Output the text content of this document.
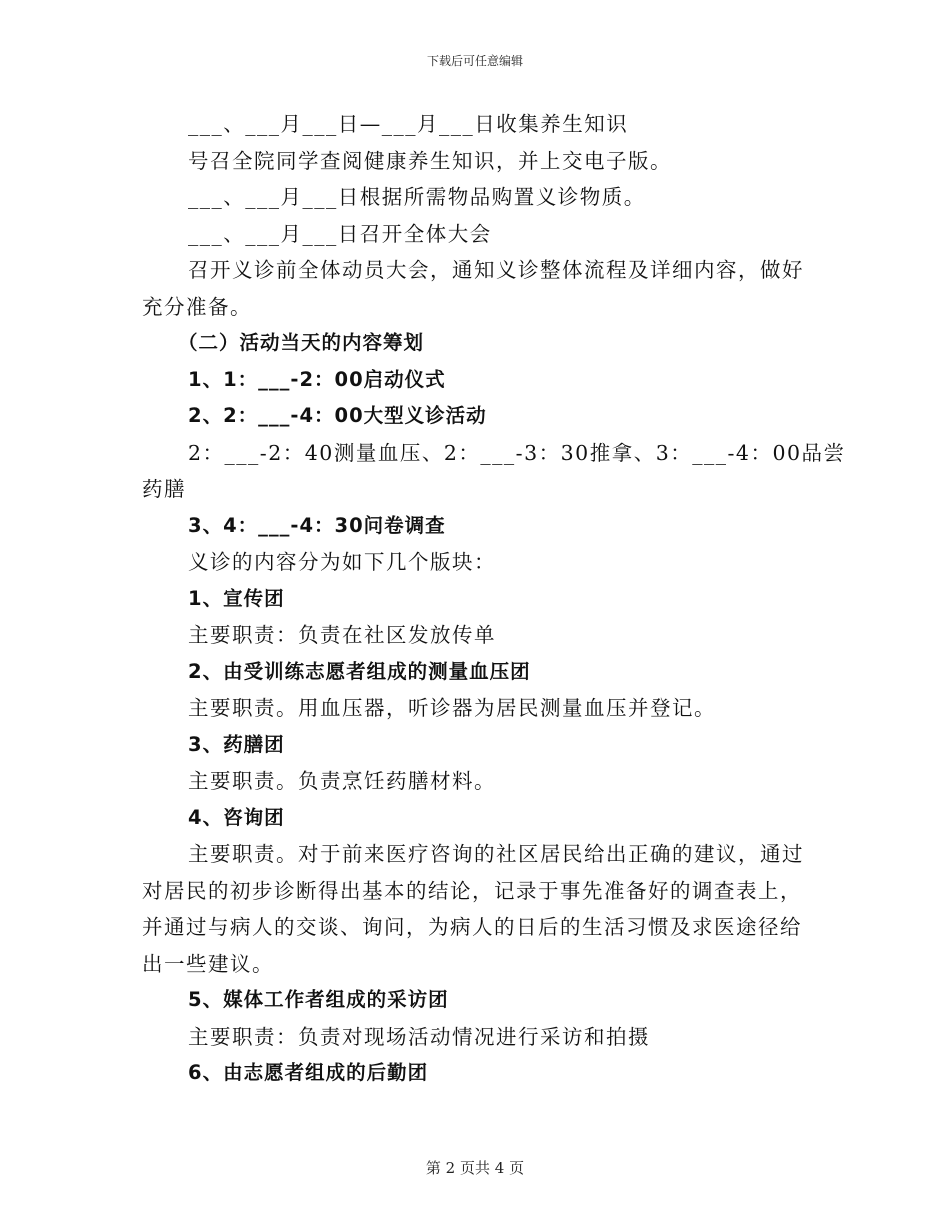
下载后可任意编辑
___、___月___日—___月___日收集养生知识
号召全院同学查阅健康养生知识，并上交电子版。
___、___月___日根据所需物品购置义诊物质。
___、___月___日召开全体大会
召开义诊前全体动员大会，通知义诊整体流程及详细内容，做好
充分准备。
（二）活动当天的内容筹划
1、1：___-2：00启动仪式
2、2：___-4：00大型义诊活动
2：___-2：40测量血压、2：___-3：30推拿、3：___-4：00品尝
药膳
3、4：___-4：30问卷调查
义诊的内容分为如下几个版块：
1、宣传团
主要职责：负责在社区发放传单
2、由受训练志愿者组成的测量血压团
主要职责。用血压器，听诊器为居民测量血压并登记。
3、药膳团
主要职责。负责烹饪药膳材料。
4、咨询团
主要职责。对于前来医疗咨询的社区居民给出正确的建议，通过
对居民的初步诊断得出基本的结论，记录于事先准备好的调查表上，
并通过与病人的交谈、询问，为病人的日后的生活习惯及求医途径给
出一些建议。
5、媒体工作者组成的采访团
主要职责：负责对现场活动情况进行采访和拍摄
6、由志愿者组成的后勤团
第 2 页共 4 页
